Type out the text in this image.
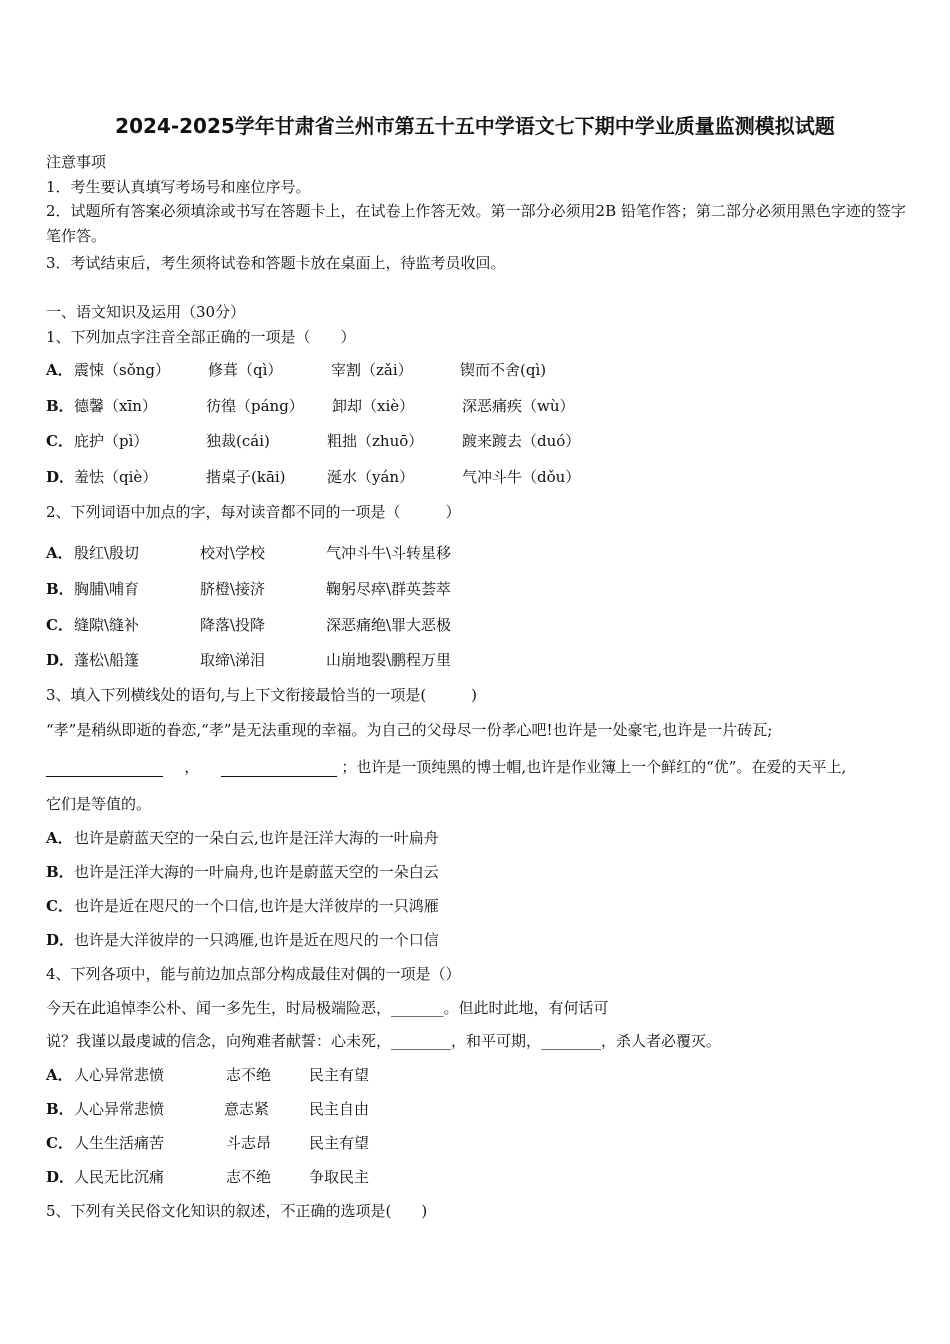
2024-2025学年甘肃省兰州市第五十五中学语文七下期中学业质量监测模拟试题
注意事项
1．考生要认真填写考场号和座位序号。
2．试题所有答案必须填涂或书写在答题卡上，在试卷上作答无效。第一部分必须用2B 铅笔作答；第二部分必须用黑色字迹的签字笔作答。
3．考试结束后，考生须将试卷和答题卡放在桌面上，待监考员收回。
一、语文知识及运用（30分）
1、下列加点字注音全部正确的一项是（　　）
A． 震悚（sǒng）	修葺（qì）	宰割（zǎi）	锲而不舍(qì)
B． 德馨（xīn）	彷徨（páng） 卸却（xiè）	深恶痛疾（wù）
C． 庇护（pì）	独裁(cái)	粗拙（zhuō）	踱来踱去（duó）
D． 羞怯（qiè）	揩桌子(kāi)	涎水（yán）	气冲斗牛（dǒu）
2、下列词语中加点的字，每对读音都不同的一项是（　　　）
A． 殷红\殷切	校对\学校	气冲斗牛\斗转星移
B． 胸脯\哺育	脐橙\接济	鞠躬尽瘁\群英荟萃
C． 缝隙\缝补	降落\投降	深恶痛绝\罪大恶极
D． 蓬松\船篷	取缔\涕泪	山崩地裂\鹏程万里
3、填入下列横线处的语句,与上下文衔接最恰当的一项是(　　　)
“孝”是稍纵即逝的眷恋,“孝”是无法重现的幸福。为自己的父母尽一份孝心吧!也许是一处豪宅,也许是一片砖瓦;
，	；也许是一顶纯黑的博士帽,也许是作业簿上一个鲜红的“优”。在爱的天平上,
它们是等值的。
A． 也许是蔚蓝天空的一朵白云,也许是汪洋大海的一叶扁舟
B． 也许是汪洋大海的一叶扁舟,也许是蔚蓝天空的一朵白云
C． 也许是近在咫尺的一个口信,也许是大洋彼岸的一只鸿雁
D． 也许是大洋彼岸的一只鸿雁,也许是近在咫尺的一个口信
4、下列各项中，能与前边加点部分构成最佳对偶的一项是（）
今天在此追悼李公朴、闻一多先生，时局极端险恶，_______。但此时此地，有何话可
说？我谨以最虔诚的信念，向殉难者献誓：心未死，________，和平可期，________，杀人者必覆灭。
A． 人心异常悲愤	志不绝	民主有望
B． 人心异常悲愤	意志紧	民主自由
C． 人生生活痛苦	斗志昂	民主有望
D． 人民无比沉痛	志不绝	争取民主
5、下列有关民俗文化知识的叙述，不正确的选项是(　　)
